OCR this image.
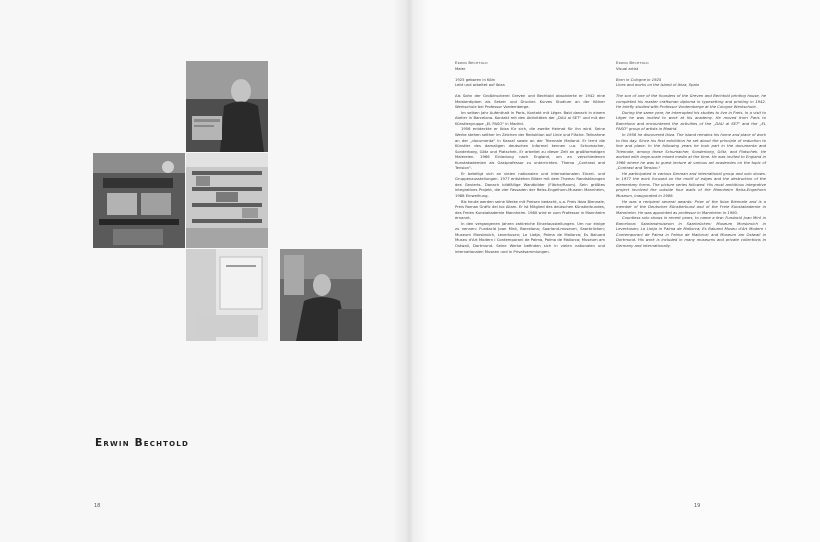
Erwin Bechtold
18	19
Erwin Bechtold
Maler
1925 geboren in Köln
Lebt und arbeitet auf Ibiza

Als Sohn der Großdruckerei Greven und Bechtold absolvierte er 1942 eine Meisterdiplom als Setzer und Drucker. Kurzes Studium an der Kölner Werkschule bei Professor Vordemberge.

Im selben Jahr Aufenthalt in Paris, Kontakt mit Léger. Bald danach in einem Atelier in Barcelona. Kontakt mit den Aktivitäten der „DAU al SET" und mit der Künstlergruppe „EL PASO" in Madrid.

1956 entdeckte er Ibiza für sich, die zweite Heimat für ihn wird. Seine Werke stehen seither im Zeichen der Reduktion auf Linie und Fläche. Teilnahme an der „documenta" in Kassel sowie an der Triennale Mailand. Er lernt die Künstler des damaligen deutschen Informel kennen u.a. Schumacher, Sonderborg, Götz und Platschek. Er arbeitet zu dieser Zeit an großformatigen Malereien. 1966 Einladung nach England, um an verschiedenen Kunstakademien als Gastprofessor zu unterrichten. Thema „Contrast and Tension".

Er beteiligt sich an vielen nationalen und internationalen Einzel- und Gruppenausstellungen. 1977 entstehen Bilder mit dem Thema: Randstörungen des Gevierts. Danach bildfällige Wandbilder (Fläche/Raum). Sein größtes integratives Projekt, die vier Fassaden der Reiss-Engelhorn-Museen Mannheim, 1988 Einweihung.

Bis heute werden seine Werke mit Preisen bedacht, u.a. Preis Ibiza Biennale, Preis Roman Gráfic del Ivo Aliam. Er ist Mitglied des deutschen Künstlerbundes, des Freien Kunstakademie Mannheim. 1980 wird er zum Professor in Mannheim ernannt.

In den vergangenen Jahren zahlreiche Einzelausstellungen. Um nur einige zu nennen: Fundació Joan Miró, Barcelona; Saarland-museum, Saarbrücken; Museum Morsbroich, Leverkusen; La Llotja, Palma de Mallorca; Es Baluard Museu d'Art Modern i Contemporani de Palma, Palma de Mallorca; Museum am Ostwall, Dortmund. Seine Werke befinden sich in vielen nationalen und internationalen Museen und in Privatsammlungen.

Erwin Bechtold
Visual artist
Born in Cologne in 1925
Lives and works on the island of Ibiza, Spain

The son of one of the founders of the Greven and Bechtold printing house, he completed his master craftsman diploma in typesetting and printing in 1942. He briefly studied with Professor Vordemberge at the Cologne Werkschule.

During the same year, he interrupted his studies to live in Paris. In a visit to Léger he was invited to work at his academy. He moved from Paris to Barcelona and encountered the activities of the „DAU al SET" and the „EL PASO" group of artists in Madrid.

In 1956 he discovered Ibiza. The island remains his home and place of work to this day. Since his first exhibition he set about the principle of reduction to line and plane. In the following years he took part in the documenta and Triennale, among these Schumacher, Sonderborg, Götz, and Platschek. He worked with large-scale mixed media at the time. He was invited to England in 1966 where he was to guest lecture at various art academies on the topic of „Contrast and Tension."

He participated in various German and international group and solo shows. In 1977 the work focused on the motif of edges and the destruction of the elementary forms. The picture series followed. His most ambitious integrative project involved the outside four walls of the Mannheim Reiss-Engelhorn Museum, inaugurated in 1988.

He was a recipient several awards: Prize of the Ibiza Biennale and is a member of the Deutscher Künstlerbund and of the Freie Kunstakademie in Mannheim. He was appointed as professor in Mannheim in 1980.

Countless solo shows in recent years, to name a few: Fundació Joan Miró in Barcelona; Saarlandmuseum in Saarbrücken; Museum Morsbroich in Leverkusen; La Llotja in Palma de Mallorca; Es Baluard Museu d'Art Modern i Contemporani de Palma in Palma de Mallorca; and Museum am Ostwall in Dortmund. His work is included in many museums and private collections in Germany and internationally.
